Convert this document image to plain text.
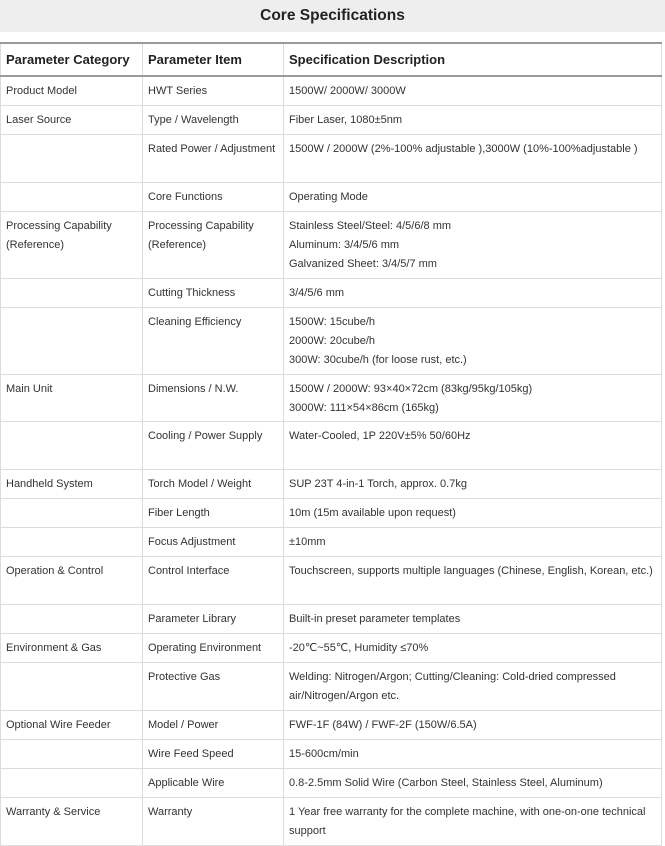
Core Specifications
Parameter Category	Parameter Item	Specification Description
Product Model	HWT Series	1500W/ 2000W/ 3000W

Laser Source	Type / Wavelength	Fiber Laser, 1080±5nm

	Rated Power / Adjustment	1500W / 2000W (2%-100% adjustable ),3000W (10%-100%adjustable )

	Core Functions	Operating Mode

Processing Capability (Reference)	Processing Capability (Reference)	Stainless Steel/Steel: 4/5/6/8 mm
Aluminum: 3/4/5/6 mm
Galvanized Sheet: 3/4/5/7 mm

	Cutting Thickness	3/4/5/6 mm

	Cleaning Efficiency	1500W: 15cube/h
2000W: 20cube/h
300W: 30cube/h (for loose rust, etc.)

Main Unit	Dimensions / N.W.	1500W / 2000W: 93×40×72cm (83kg/95kg/105kg)
3000W: 111×54×86cm (165kg)

	Cooling / Power Supply	Water-Cooled, 1P 220V±5% 50/60Hz

Handheld System	Torch Model / Weight	SUP 23T 4-in-1 Torch, approx. 0.7kg

	Fiber Length	10m (15m available upon request)

	Focus Adjustment	±10mm

Operation & Control	Control Interface	Touchscreen, supports multiple languages (Chinese, English, Korean, etc.)

	Parameter Library	Built-in preset parameter templates

Environment & Gas	Operating Environment	-20℃~55℃, Humidity ≤70%

	Protective Gas	Welding: Nitrogen/Argon; Cutting/Cleaning: Cold-dried compressed air/Nitrogen/Argon etc.

Optional Wire Feeder	Model / Power	FWF-1F (84W) / FWF-2F (150W/6.5A)

	Wire Feed Speed	15-600cm/min

	Applicable Wire	0.8-2.5mm Solid Wire (Carbon Steel, Stainless Steel, Aluminum)

Warranty & Service	Warranty	1 Year free warranty for the complete machine, with one-on-one technical support
